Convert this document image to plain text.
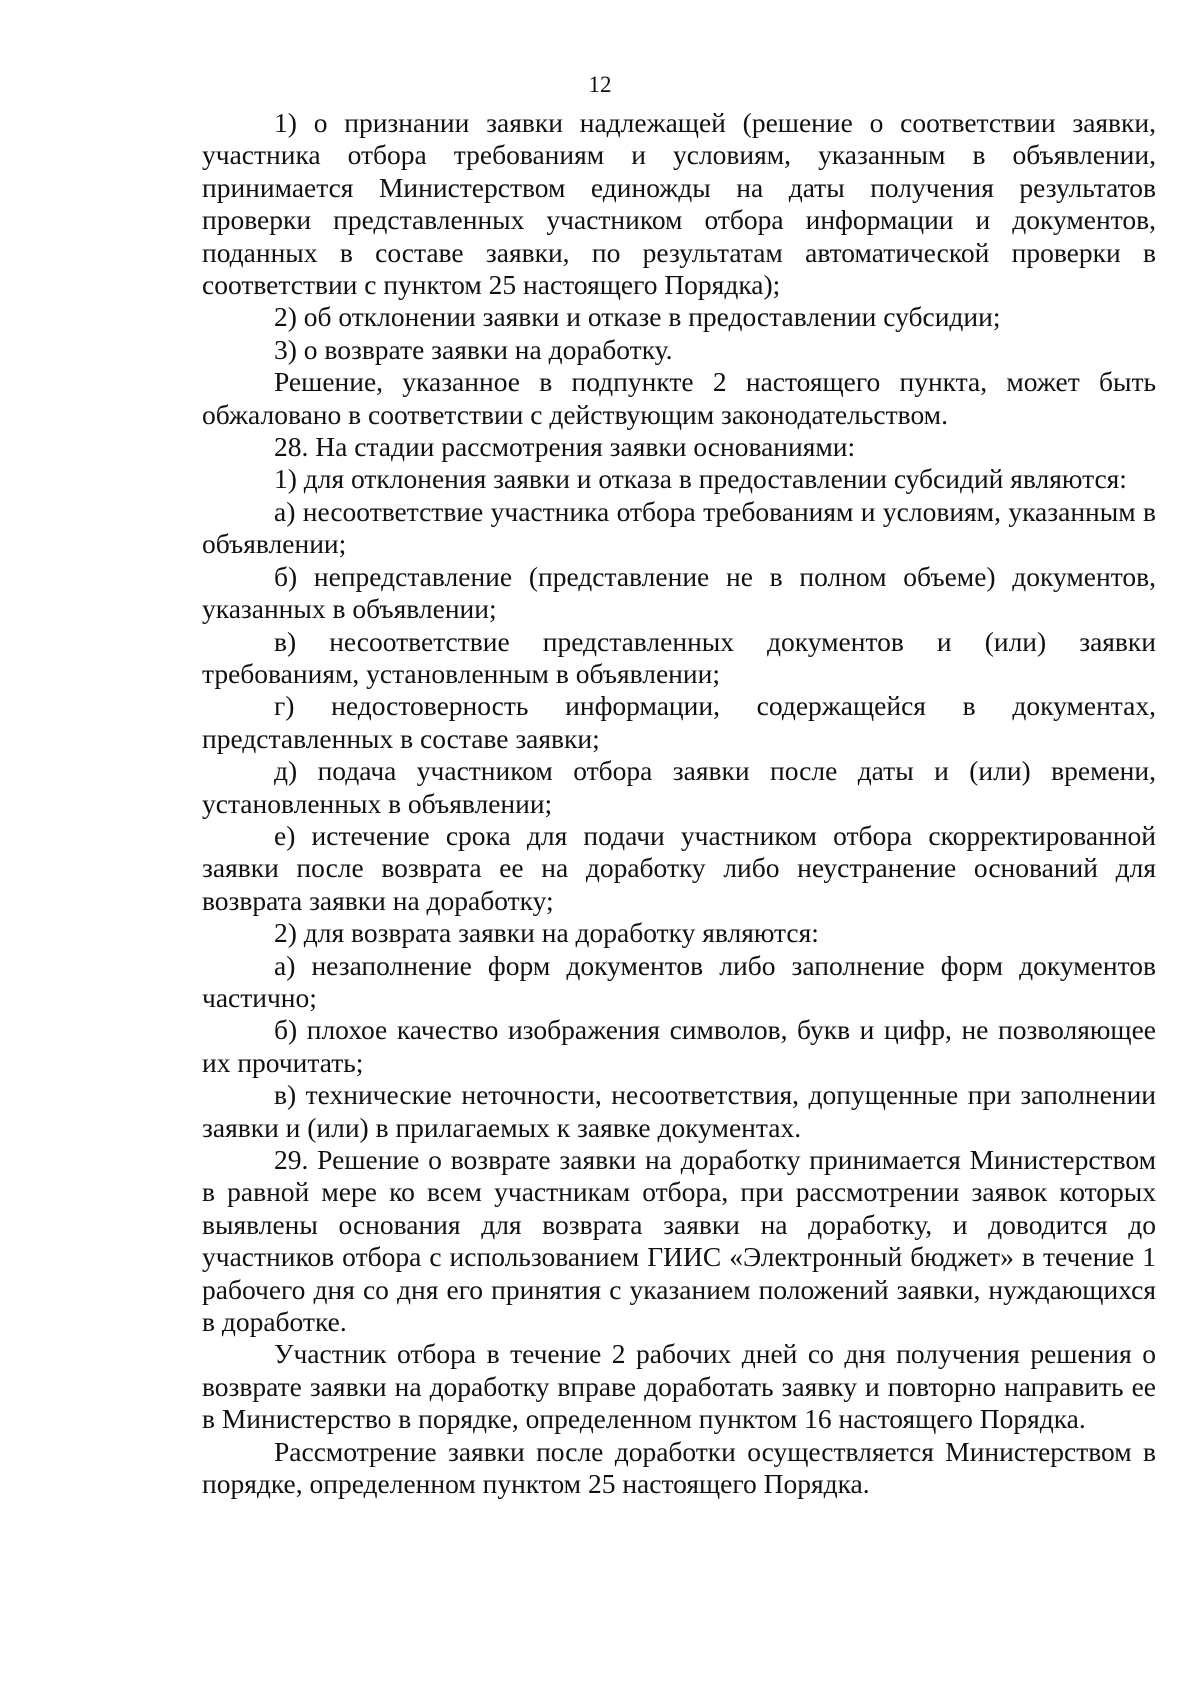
12

1) о признании заявки надлежащей (решение о соответствии заявки, участника отбора требованиям и условиям, указанным в объявлении, принимается Министерством единожды на даты получения результатов проверки представленных участником отбора информации и документов, поданных в составе заявки, по результатам автоматической проверки в соответствии с пунктом 25 настоящего Порядка);

2) об отклонении заявки и отказе в предоставлении субсидии;

3) о возврате заявки на доработку.

Решение, указанное в подпункте 2 настоящего пункта, может быть обжаловано в соответствии с действующим законодательством.

28. На стадии рассмотрения заявки основаниями:

1) для отклонения заявки и отказа в предоставлении субсидий являются:

а) несоответствие участника отбора требованиям и условиям, указанным в объявлении;

б) непредставление (представление не в полном объеме) документов, указанных в объявлении;

в) несоответствие представленных документов и (или) заявки требованиям, установленным в объявлении;

г) недостоверность информации, содержащейся в документах, представленных в составе заявки;

д) подача участником отбора заявки после даты и (или) времени, установленных в объявлении;

е) истечение срока для подачи участником отбора скорректированной заявки после возврата ее на доработку либо неустранение оснований для возврата заявки на доработку;

2) для возврата заявки на доработку являются:

а) незаполнение форм документов либо заполнение форм документов частично;

б) плохое качество изображения символов, букв и цифр, не позволяющее их прочитать;

в) технические неточности, несоответствия, допущенные при заполнении заявки и (или) в прилагаемых к заявке документах.

29. Решение о возврате заявки на доработку принимается Министерством в равной мере ко всем участникам отбора, при рассмотрении заявок которых выявлены основания для возврата заявки на доработку, и доводится до участников отбора с использованием ГИИС «Электронный бюджет» в течение 1 рабочего дня со дня его принятия с указанием положений заявки, нуждающихся в доработке.

Участник отбора в течение 2 рабочих дней со дня получения решения о возврате заявки на доработку вправе доработать заявку и повторно направить ее в Министерство в порядке, определенном пунктом 16 настоящего Порядка.

Рассмотрение заявки после доработки осуществляется Министерством в порядке, определенном пунктом 25 настоящего Порядка.
